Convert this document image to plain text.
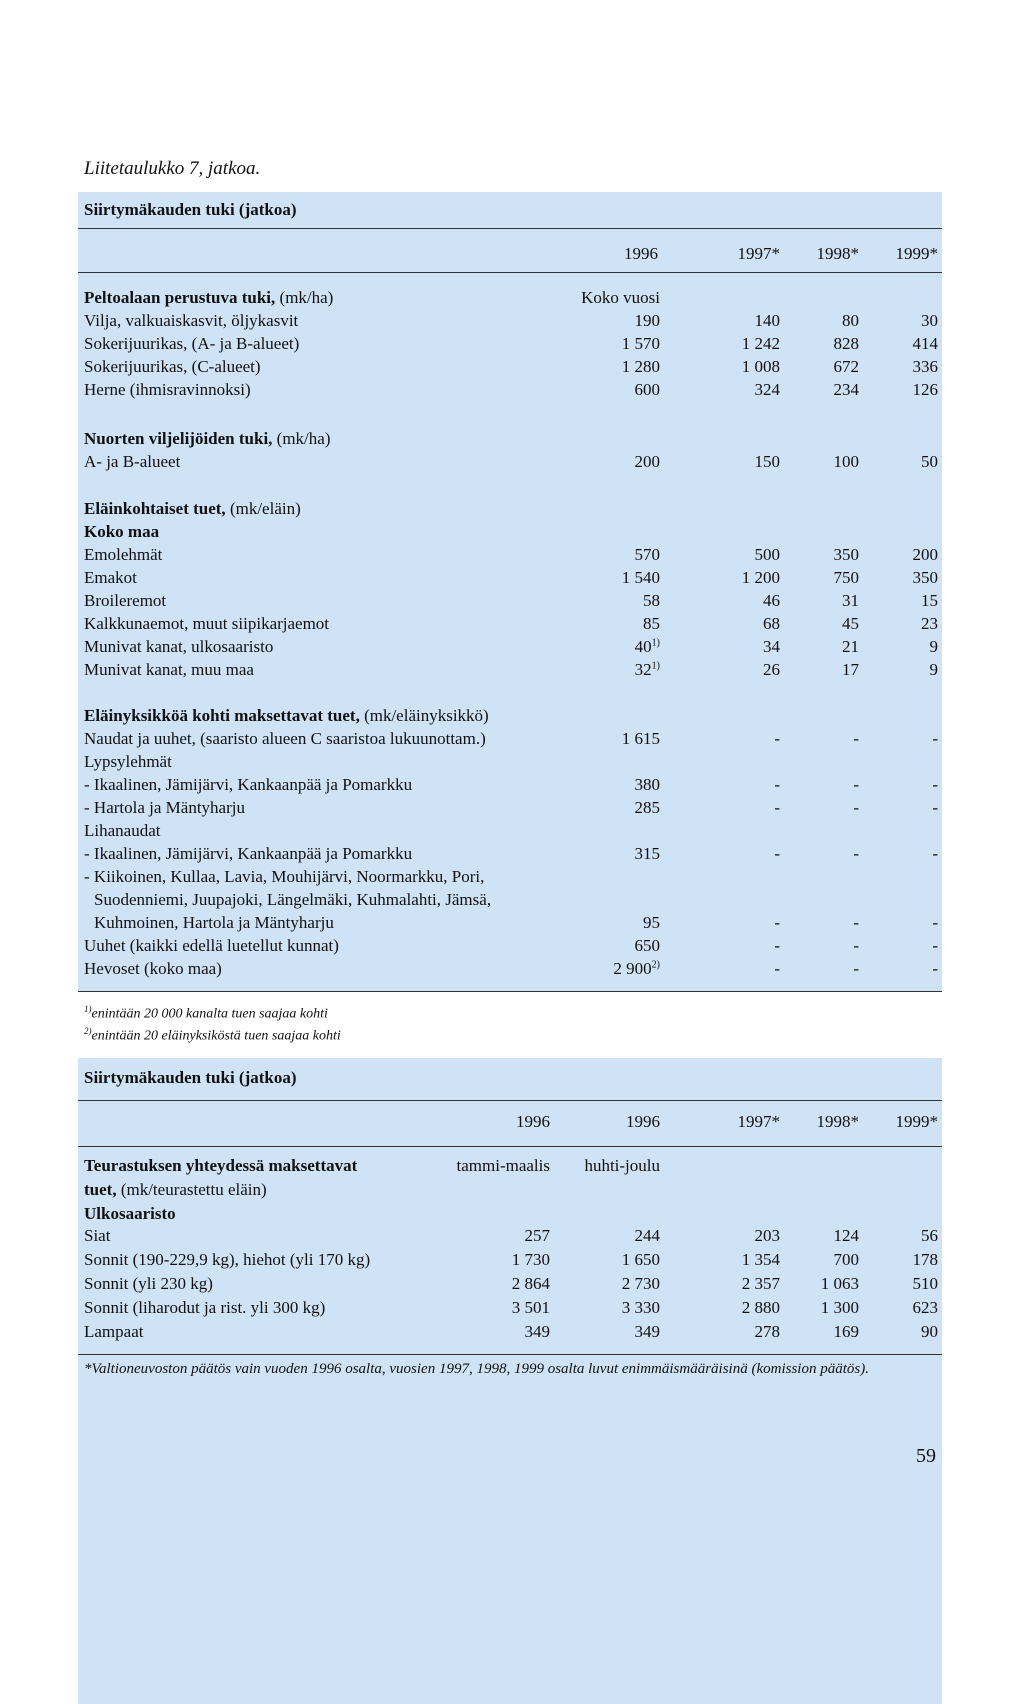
Liitetaulukko 7, jatkoa.
Siirtymäkauden tuki (jatkoa)
1996	1997*	1998*	1999*
Peltoalaan perustuva tuki, (mk/ha)	Koko vuosi
Vilja, valkuaiskasvit, öljykasvit	190	140	80	30
Sokerijuurikas, (A- ja B-alueet)	1 570	1 242	828	414
Sokerijuurikas, (C-alueet)	1 280	1 008	672	336
Herne (ihmisravinnoksi)	600	324	234	126
Nuorten viljelijöiden tuki, (mk/ha)
A- ja B-alueet	200	150	100	50
Eläinkohtaiset tuet, (mk/eläin)
Koko maa
Emolehmät	570	500	350	200
Emakot	1 540	1 200	750	350
Broileremot	58	46	31	15
Kalkkunaemot, muut siipikarjaemot	85	68	45	23
Munivat kanat, ulkosaaristo	40$^{1)}$	34	21	9
Munivat kanat, muu maa	32$^{1)}$	26	17	9
Eläinyksikköä kohti maksettavat tuet, (mk/eläinyksikkö)
Naudat ja uuhet, (saaristo alueen C saaristoa lukuunottam.)	1 615	-	-	-
Lypsylehmät
- Ikaalinen, Jämijärvi, Kankaanpää ja Pomarkku	380	-	-	-
- Hartola ja Mäntyharju	285	-	-	-
Lihanaudat
- Ikaalinen, Jämijärvi, Kankaanpää ja Pomarkku	315	-	-	-
- Kiikoinen, Kullaa, Lavia, Mouhijärvi, Noormarkku, Pori,
Suodenniemi, Juupajoki, Längelmäki, Kuhmalahti, Jämsä,
Kuhmoinen, Hartola ja Mäntyharju	95	-	-	-
Uuhet (kaikki edellä luetellut kunnat)	650	-	-	-
Hevoset (koko maa)	2 900$^{2)}$	-	-	-
$^{1)}$enintään 20 000 kanalta tuen saajaa kohti
$^{2)}$enintään 20 eläinyksiköstä tuen saajaa kohti
Siirtymäkauden tuki (jatkoa)
1996	1996	1997*	1998*	1999*
Teurastuksen yhteydessä maksettavat	tammi-maalis	huhti-joulu
tuet, (mk/teurastettu eläin)
Ulkosaaristo
Siat	257	244	203	124	56
Sonnit (190-229,9 kg), hiehot (yli 170 kg)	1 730	1 650	1 354	700	178
Sonnit (yli 230 kg)	2 864	2 730	2 357	1 063	510
Sonnit (liharodut ja rist. yli 300 kg)	3 501	3 330	2 880	1 300	623
Lampaat	349	349	278	169	90
*Valtioneuvoston päätös vain vuoden 1996 osalta, vuosien 1997, 1998, 1999 osalta luvut enimmäismääräisinä (komission päätös).
59
